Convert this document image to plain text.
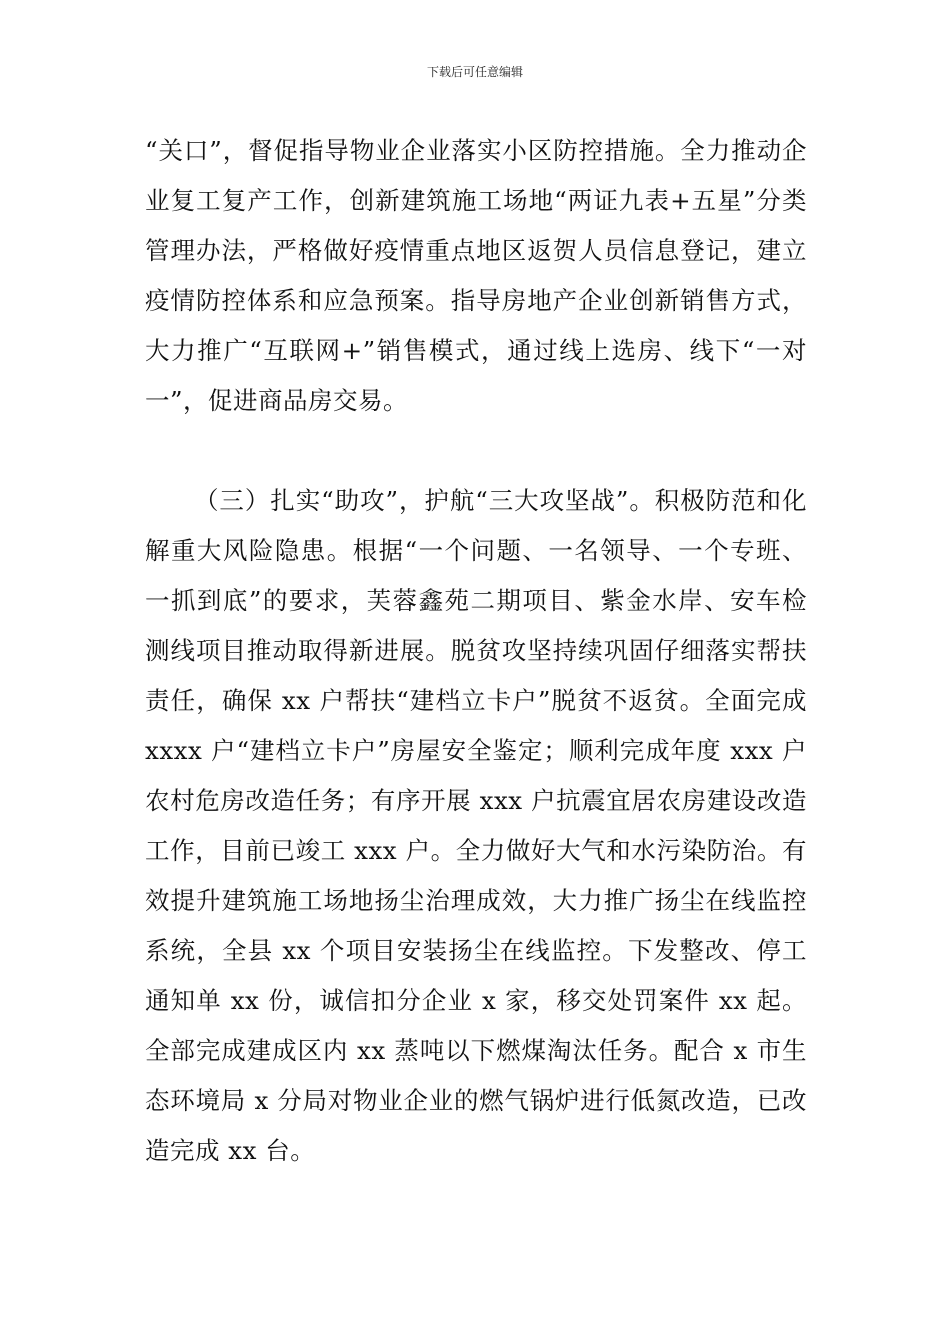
下载后可任意编辑

“关口”，督促指导物业企业落实小区防控措施。全力推动企业复工复产工作，创新建筑施工场地“两证九表+五星”分类管理办法，严格做好疫情重点地区返贺人员信息登记，建立疫情防控体系和应急预案。指导房地产企业创新销售方式，大力推广“互联网+”销售模式，通过线上选房、线下“一对一”，促进商品房交易。

（三）扎实“助攻”，护航“三大攻坚战”。积极防范和化解重大风险隐患。根据“一个问题、一名领导、一个专班、一抓到底”的要求，芙蓉鑫苑二期项目、紫金水岸、安车检测线项目推动取得新进展。脱贫攻坚持续巩固仔细落实帮扶责任，确保 xx 户帮扶“建档立卡户”脱贫不返贫。全面完成 xxxx 户“建档立卡户”房屋安全鉴定；顺利完成年度 xxx 户农村危房改造任务；有序开展 xxx 户抗震宜居农房建设改造工作，目前已竣工 xxx 户。全力做好大气和水污染防治。有效提升建筑施工场地扬尘治理成效，大力推广扬尘在线监控系统，全县 xx 个项目安装扬尘在线监控。下发整改、停工通知单 xx 份，诚信扣分企业 x 家，移交处罚案件 xx 起。全部完成建成区内 xx 蒸吨以下燃煤淘汰任务。配合 x 市生态环境局 x 分局对物业企业的燃气锅炉进行低氮改造，已改造完成 xx 台。
